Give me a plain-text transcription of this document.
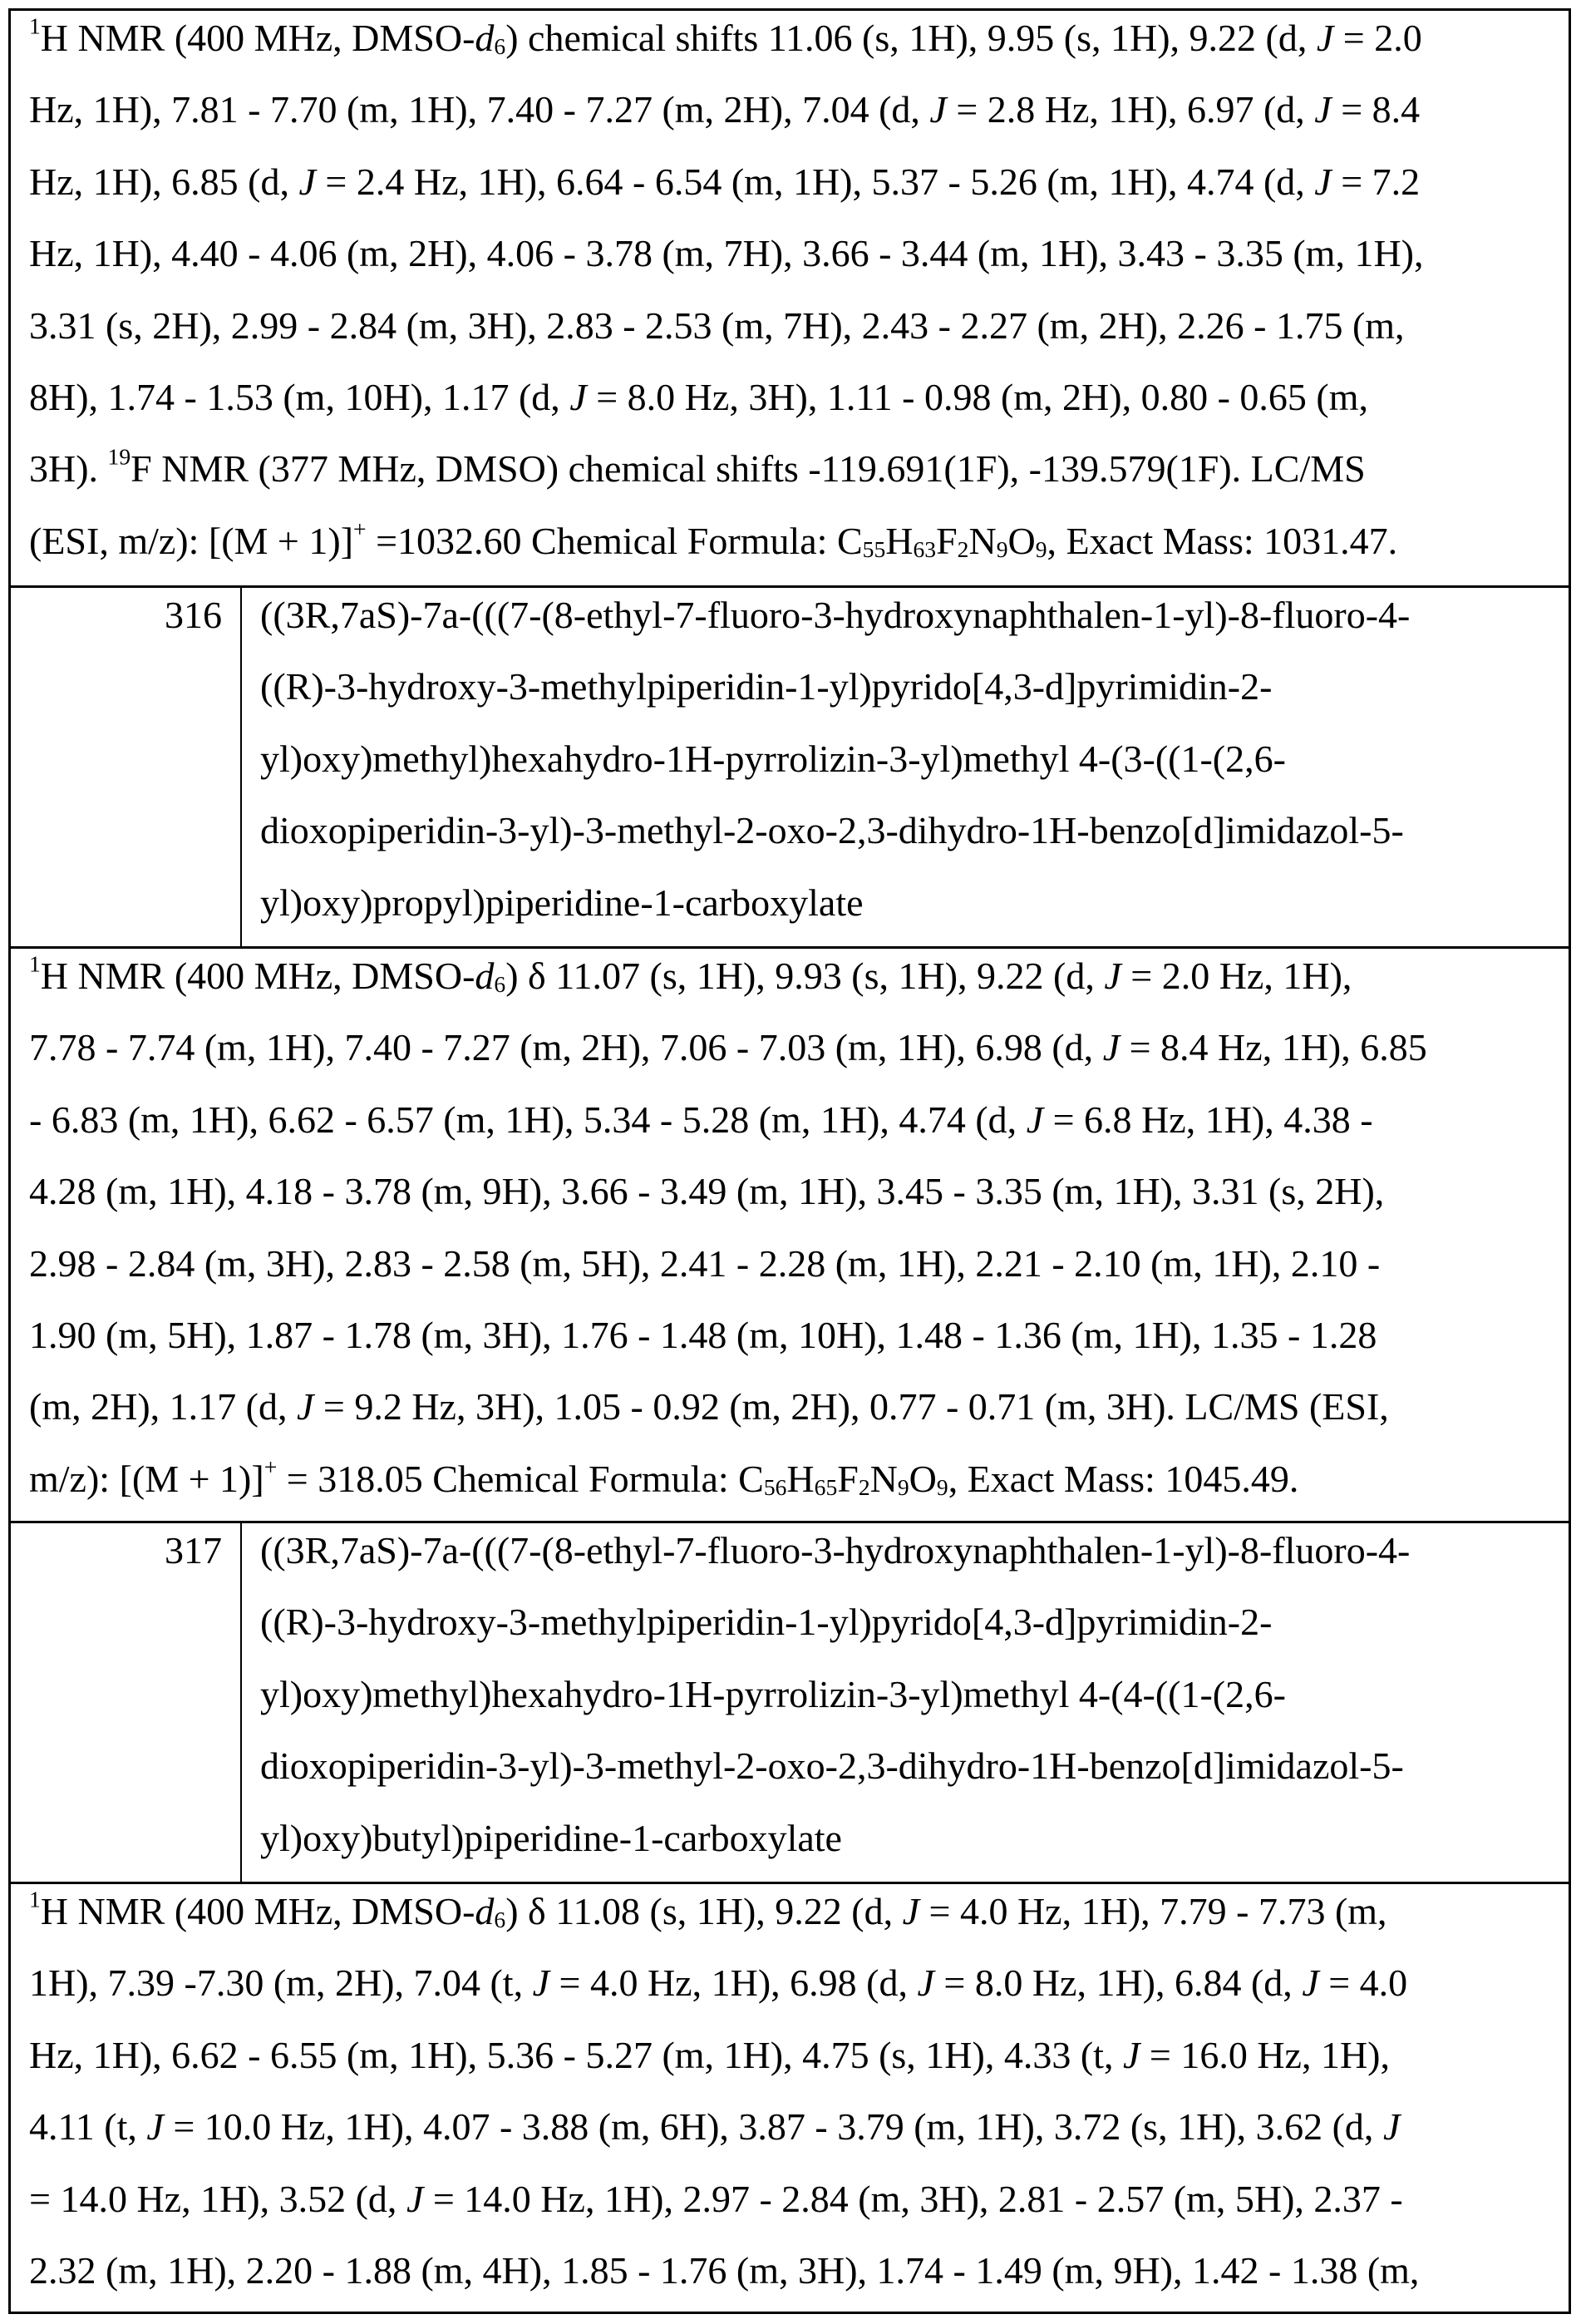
$^1$H NMR (400 MHz, DMSO-$d_6$) chemical shifts 11.06 (s, 1H), 9.95 (s, 1H), 9.22 (d, J = 2.0
Hz, 1H), 7.81 - 7.70 (m, 1H), 7.40 - 7.27 (m, 2H), 7.04 (d, J = 2.8 Hz, 1H), 6.97 (d, J = 8.4
Hz, 1H), 6.85 (d, J = 2.4 Hz, 1H), 6.64 - 6.54 (m, 1H), 5.37 - 5.26 (m, 1H), 4.74 (d, J = 7.2
Hz, 1H), 4.40 - 4.06 (m, 2H), 4.06 - 3.78 (m, 7H), 3.66 - 3.44 (m, 1H), 3.43 - 3.35 (m, 1H),
3.31 (s, 2H), 2.99 - 2.84 (m, 3H), 2.83 - 2.53 (m, 7H), 2.43 - 2.27 (m, 2H), 2.26 - 1.75 (m,
8H), 1.74 - 1.53 (m, 10H), 1.17 (d, J = 8.0 Hz, 3H), 1.11 - 0.98 (m, 2H), 0.80 - 0.65 (m,
3H). $^{19}$F NMR (377 MHz, DMSO) chemical shifts -119.691(1F), -139.579(1F). LC/MS
(ESI, m/z): [(M + 1)]+ =1032.60 Chemical Formula: $C_{55}H_{63}F_2N_9O_9$, Exact Mass: 1031.47.
316 ((3R,7aS)-7a-(((7-(8-ethyl-7-fluoro-3-hydroxynaphthalen-1-yl)-8-fluoro-4-
((R)-3-hydroxy-3-methylpiperidin-1-yl)pyrido[4,3-d]pyrimidin-2-
yl)oxy)methyl)hexahydro-1H-pyrrolizin-3-yl)methyl 4-(3-((1-(2,6-
dioxopiperidin-3-yl)-3-methyl-2-oxo-2,3-dihydro-1H-benzo[d]imidazol-5-
yl)oxy)propyl)piperidine-1-carboxylate
$^1$H NMR (400 MHz, DMSO-$d_6$) δ 11.07 (s, 1H), 9.93 (s, 1H), 9.22 (d, J = 2.0 Hz, 1H),
7.78 - 7.74 (m, 1H), 7.40 - 7.27 (m, 2H), 7.06 - 7.03 (m, 1H), 6.98 (d, J = 8.4 Hz, 1H), 6.85
- 6.83 (m, 1H), 6.62 - 6.57 (m, 1H), 5.34 - 5.28 (m, 1H), 4.74 (d, J = 6.8 Hz, 1H), 4.38 -
4.28 (m, 1H), 4.18 - 3.78 (m, 9H), 3.66 - 3.49 (m, 1H), 3.45 - 3.35 (m, 1H), 3.31 (s, 2H),
2.98 - 2.84 (m, 3H), 2.83 - 2.58 (m, 5H), 2.41 - 2.28 (m, 1H), 2.21 - 2.10 (m, 1H), 2.10 -
1.90 (m, 5H), 1.87 - 1.78 (m, 3H), 1.76 - 1.48 (m, 10H), 1.48 - 1.36 (m, 1H), 1.35 - 1.28
(m, 2H), 1.17 (d, J = 9.2 Hz, 3H), 1.05 - 0.92 (m, 2H), 0.77 - 0.71 (m, 3H). LC/MS (ESI,
m/z): [(M + 1)]+ = 318.05 Chemical Formula: $C_{56}H_{65}F_2N_9O_9$, Exact Mass: 1045.49.
317 ((3R,7aS)-7a-(((7-(8-ethyl-7-fluoro-3-hydroxynaphthalen-1-yl)-8-fluoro-4-
((R)-3-hydroxy-3-methylpiperidin-1-yl)pyrido[4,3-d]pyrimidin-2-
yl)oxy)methyl)hexahydro-1H-pyrrolizin-3-yl)methyl 4-(4-((1-(2,6-
dioxopiperidin-3-yl)-3-methyl-2-oxo-2,3-dihydro-1H-benzo[d]imidazol-5-
yl)oxy)butyl)piperidine-1-carboxylate
$^1$H NMR (400 MHz, DMSO-$d_6$) δ 11.08 (s, 1H), 9.22 (d, J = 4.0 Hz, 1H), 7.79 - 7.73 (m,
1H), 7.39 -7.30 (m, 2H), 7.04 (t, J = 4.0 Hz, 1H), 6.98 (d, J = 8.0 Hz, 1H), 6.84 (d, J = 4.0
Hz, 1H), 6.62 - 6.55 (m, 1H), 5.36 - 5.27 (m, 1H), 4.75 (s, 1H), 4.33 (t, J = 16.0 Hz, 1H),
4.11 (t, J = 10.0 Hz, 1H), 4.07 - 3.88 (m, 6H), 3.87 - 3.79 (m, 1H), 3.72 (s, 1H), 3.62 (d, J
= 14.0 Hz, 1H), 3.52 (d, J = 14.0 Hz, 1H), 2.97 - 2.84 (m, 3H), 2.81 - 2.57 (m, 5H), 2.37 -
2.32 (m, 1H), 2.20 - 1.88 (m, 4H), 1.85 - 1.76 (m, 3H), 1.74 - 1.49 (m, 9H), 1.42 - 1.38 (m,
